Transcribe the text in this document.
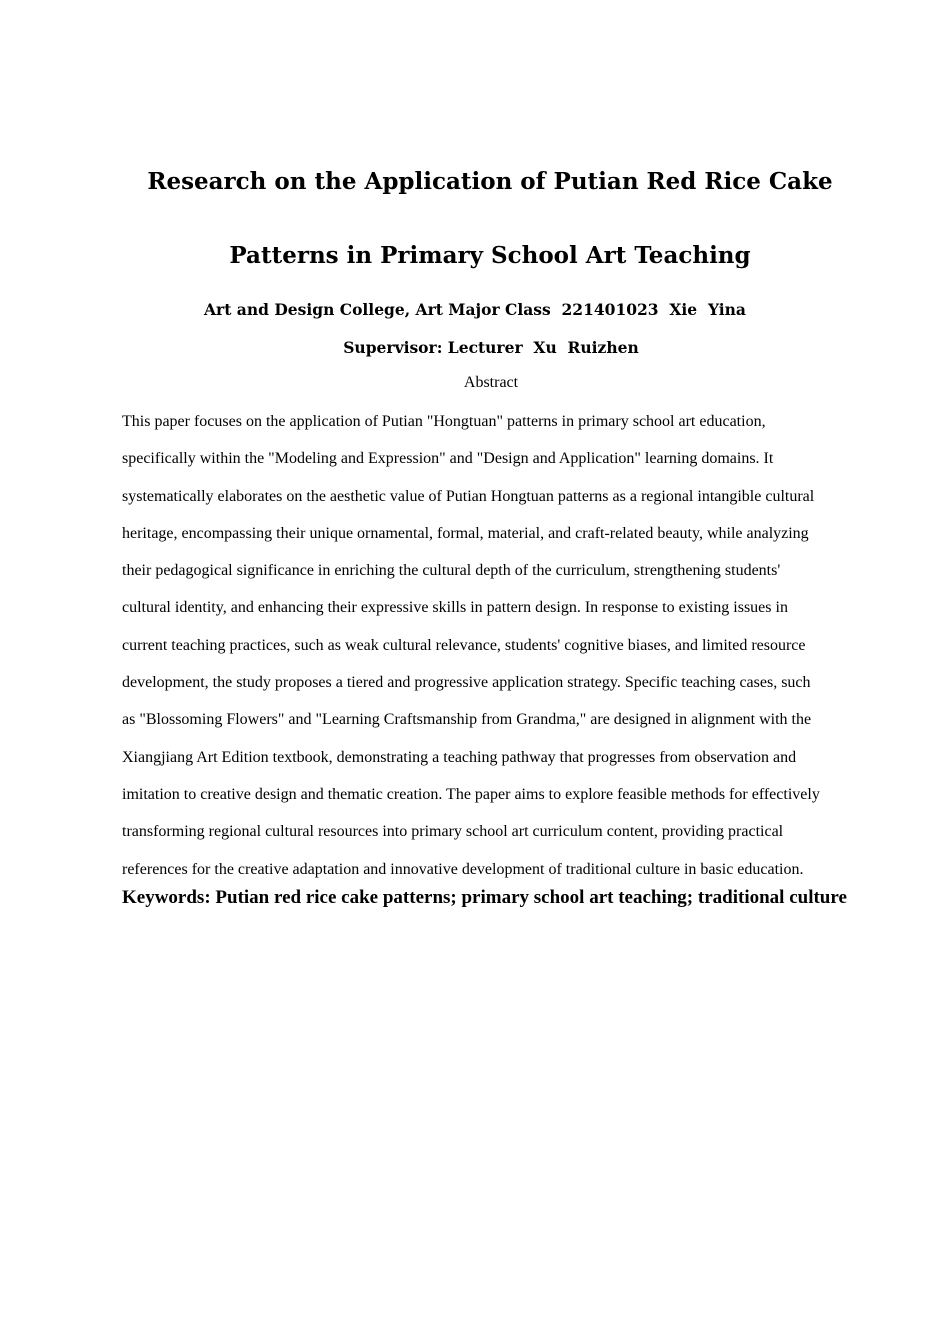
Research on the Application of Putian Red Rice Cake
Patterns in Primary School Art Teaching
Art and Design College, Art Major Class  221401023  Xie  Yina
Supervisor: Lecturer  Xu  Ruizhen
Abstract
This paper focuses on the application of Putian "Hongtuan" patterns in primary school art education,
specifically within the "Modeling and Expression" and "Design and Application" learning domains. It
systematically elaborates on the aesthetic value of Putian Hongtuan patterns as a regional intangible cultural
heritage, encompassing their unique ornamental, formal, material, and craft-related beauty, while analyzing
their pedagogical significance in enriching the cultural depth of the curriculum, strengthening students'
cultural identity, and enhancing their expressive skills in pattern design. In response to existing issues in
current teaching practices, such as weak cultural relevance, students' cognitive biases, and limited resource
development, the study proposes a tiered and progressive application strategy. Specific teaching cases, such
as "Blossoming Flowers" and "Learning Craftsmanship from Grandma," are designed in alignment with the
Xiangjiang Art Edition textbook, demonstrating a teaching pathway that progresses from observation and
imitation to creative design and thematic creation. The paper aims to explore feasible methods for effectively
transforming regional cultural resources into primary school art curriculum content, providing practical
references for the creative adaptation and innovative development of traditional culture in basic education.
Keywords: Putian red rice cake patterns; primary school art teaching; traditional culture
